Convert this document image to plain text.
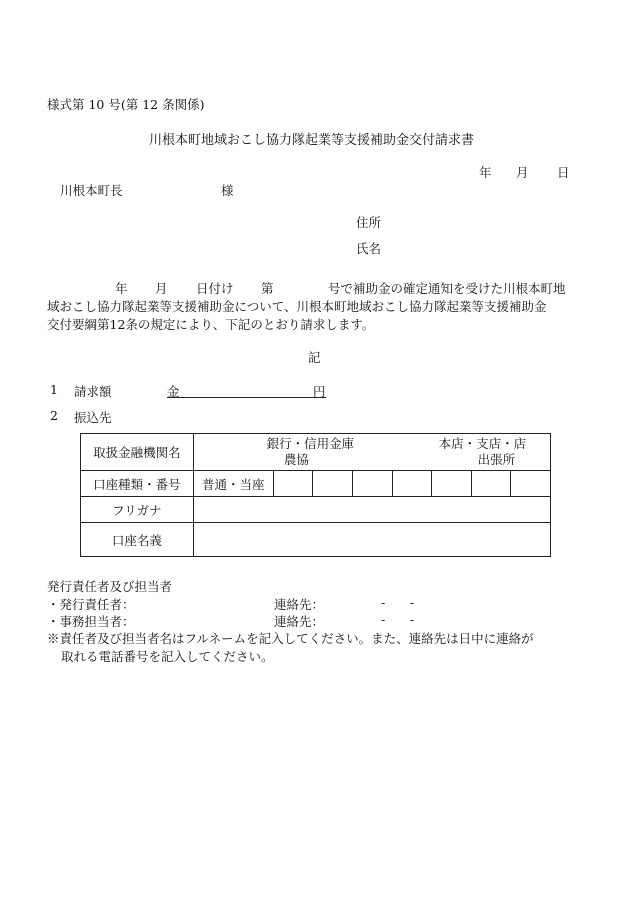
様式第 10 号(第 12 条関係)
川根本町地域おこし協力隊起業等支援補助金交付請求書
年 月 日
川根本町長	様
住所
氏名
年 月 日付け 第	号で補助金の確定通知を受けた川根本町地
域おこし協力隊起業等支援補助金について、川根本町地域おこし協力隊起業等支援補助金
交付要綱第12条の規定により、下記のとおり請求します。
記
1 請求額	金	円
2 振込先
取扱金融機関名	銀行・信用金庫
農協
本店・支店・店
出張所							

口座種類・番号	普通・当座							
フリガナ								
口座名義								
発行責任者及び担当者
・発行責任者：	連絡先：	- -
・事務担当者：	連絡先：	- -
※責任者及び担当者名はフルネームを記入してください。また、連絡先は日中に連絡が
取れる電話番号を記入してください。
